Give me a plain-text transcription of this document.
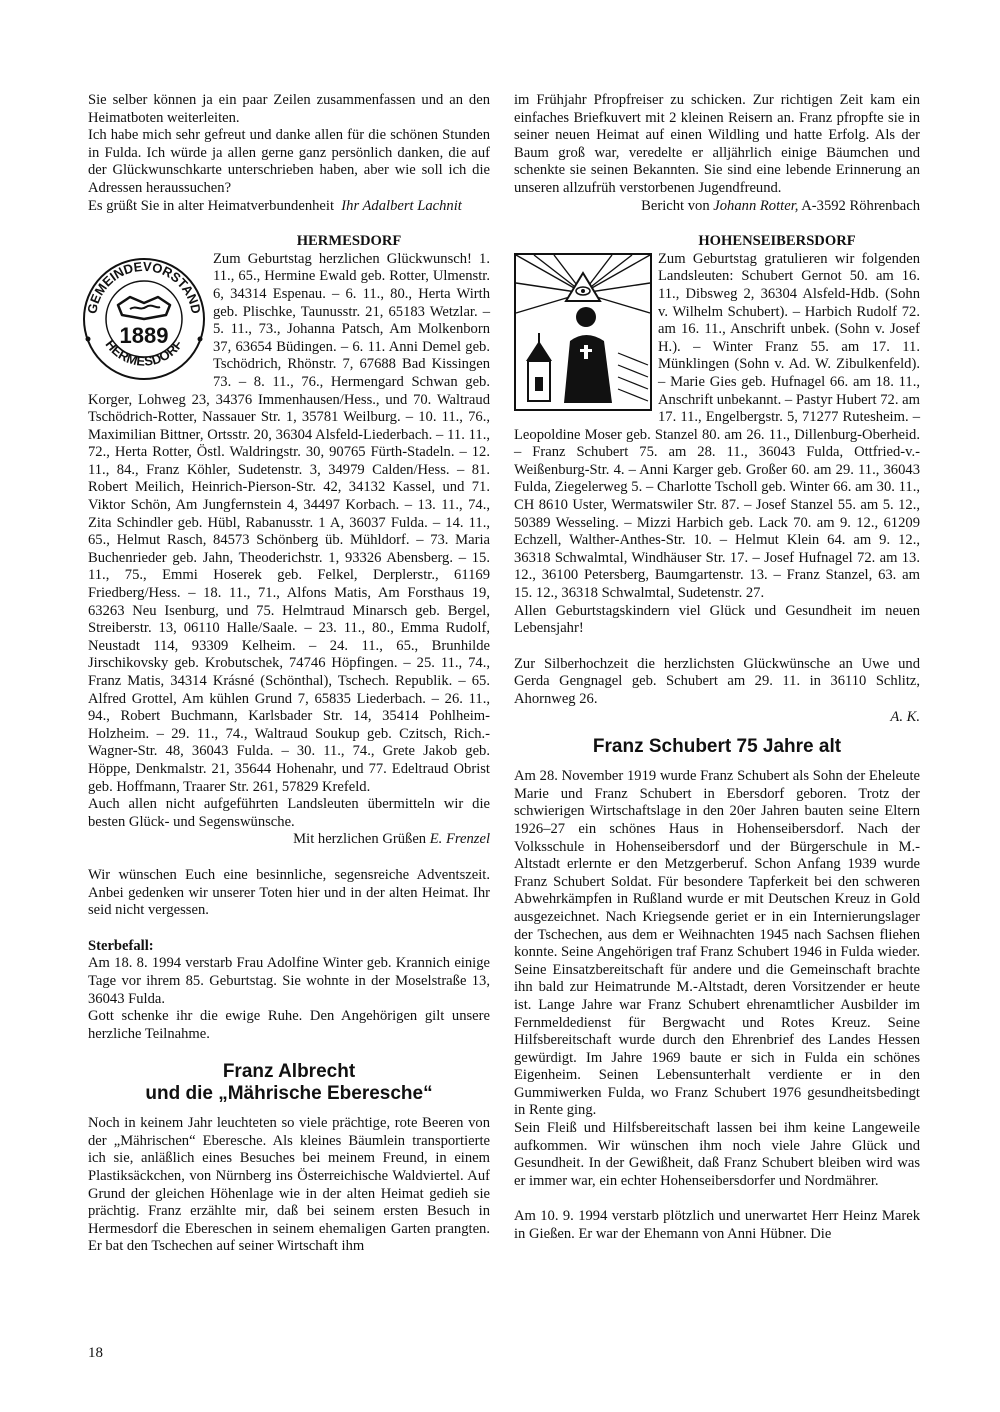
Sie selber können ja ein paar Zeilen zusammenfassen und an den Heimatboten weiterleiten.

Ich habe mich sehr gefreut und danke allen für die schönen Stunden in Fulda. Ich würde ja allen gerne ganz persönlich danken, die auf der Glückwunschkarte unterschrieben haben, aber wie soll ich die Adressen heraussuchen?

Es grüßt Sie in alter Heimatverbundenheit Ihr Adalbert Lachnit

HERMESDORF

GEMEINDEVORSTAND
HERMESDORF
1889

Zum Geburtstag herzlichen Glückwunsch! 1. 11., 65., Hermine Ewald geb. Rotter, Ulmenstr. 6, 34314 Espenau. – 6. 11., 80., Herta Wirth geb. Plischke, Taunusstr. 21, 65183 Wetzlar. – 5. 11., 73., Johanna Patsch, Am Molkenborn 37, 63654 Büdingen. – 6. 11. Anni Demel geb. Tschödrich, Rhönstr. 7, 67688 Bad Kissingen 73. – 8. 11., 76., Hermengard Schwan geb. Korger, Lohweg 23, 34376 Immenhausen/Hess., und 70. Waltraud Tschödrich-Rotter, Nassauer Str. 1, 35781 Weilburg. – 10. 11., 76., Maximilian Bittner, Ortsstr. 20, 36304 Alsfeld-Liederbach. – 11. 11., 72., Herta Rotter, Östl. Waldringstr. 30, 90765 Fürth-Stadeln. – 12. 11., 84., Franz Köhler, Sudetenstr. 3, 34979 Calden/Hess. – 81. Robert Meilich, Heinrich-Pierson-Str. 42, 34132 Kassel, und 71. Viktor Schön, Am Jungfernstein 4, 34497 Korbach. – 13. 11., 74., Zita Schindler geb. Hübl, Rabanusstr. 1 A, 36037 Fulda. – 14. 11., 65., Helmut Rasch, 84573 Schönberg üb. Mühldorf. – 73. Maria Buchenrieder geb. Jahn, Theoderichstr. 1, 93326 Abensberg. – 15. 11., 75., Emmi Hoserek geb. Felkel, Derplerstr., 61169 Friedberg/Hess. – 18. 11., 71., Alfons Matis, Am Forsthaus 19, 63263 Neu Isenburg, und 75. Helmtraud Minarsch geb. Bergel, Streiberstr. 13, 06110 Halle/Saale. – 23. 11., 80., Emma Rudolf, Neustadt 114, 93309 Kelheim. – 24. 11., 65., Brunhilde Jirschikovsky geb. Krobutschek, 74746 Höpfingen. – 25. 11., 74., Franz Matis, 34314 Krásné (Schönthal), Tschech. Republik. – 65. Alfred Grottel, Am kühlen Grund 7, 65835 Liederbach. – 26. 11., 94., Robert Buchmann, Karlsbader Str. 14, 35414 Pohlheim-Holzheim. – 29. 11., 74., Waltraud Soukup geb. Czitsch, Rich.-Wagner-Str. 48, 36043 Fulda. – 30. 11., 74., Grete Jakob geb. Höppe, Denkmalstr. 21, 35644 Hohenahr, und 77. Edeltraud Obrist geb. Hoffmann, Traarer Str. 261, 57829 Krefeld.

Auch allen nicht aufgeführten Landsleuten übermitteln wir die besten Glück- und Segenswünsche.

Mit herzlichen Grüßen E. Frenzel

Wir wünschen Euch eine besinnliche, segensreiche Adventszeit. Anbei gedenken wir unserer Toten hier und in der alten Heimat. Ihr seid nicht vergessen.

Sterbefall:

Am 18. 8. 1994 verstarb Frau Adolfine Winter geb. Krannich einige Tage vor ihrem 85. Geburtstag. Sie wohnte in der Moselstraße 13, 36043 Fulda.

Gott schenke ihr die ewige Ruhe. Den Angehörigen gilt unsere herzliche Teilnahme.

Franz Albrecht

und die „Mährische Eberesche“

Noch in keinem Jahr leuchteten so viele prächtige, rote Beeren von der „Mährischen“ Eberesche. Als kleines Bäumlein transportierte ich sie, anläßlich eines Besuches bei meinem Freund, in einem Plastiksäckchen, von Nürnberg ins Österreichische Waldviertel. Auf Grund der gleichen Höhenlage wie in der alten Heimat gedieh sie prächtig. Franz erzählte mir, daß bei seinem ersten Besuch in Hermesdorf die Ebereschen in seinem ehemaligen Garten prangten. Er bat den Tschechen auf seiner Wirtschaft ihm

im Frühjahr Pfropfreiser zu schicken. Zur richtigen Zeit kam ein einfaches Briefkuvert mit 2 kleinen Reisern an. Franz pfropfte sie in seiner neuen Heimat auf einen Wildling und hatte Erfolg. Als der Baum groß war, veredelte er alljährlich einige Bäumchen und schenkte sie seinen Bekannten. Sie sind eine lebende Erinnerung an unseren allzufrüh verstorbenen Jugendfreund.

Bericht von Johann Rotter, A-3592 Röhrenbach

HOHENSEIBERSDORF

Zum Geburtstag gratulieren wir folgenden Landsleuten: Schubert Gernot 50. am 16. 11., Dibsweg 2, 36304 Alsfeld-Hdb. (Sohn v. Wilhelm Schubert). – Harbich Rudolf 72. am 16. 11., Anschrift unbek. (Sohn v. Josef H.). – Winter Franz 55. am 17. 11. Münklingen (Sohn v. Ad. W. Zibulkenfeld). – Marie Gies geb. Hufnagel 66. am 18. 11., Anschrift unbekannt. – Pastyr Hubert 72. am 17. 11., Engelbergstr. 5, 71277 Rutesheim. – Leopoldine Moser geb. Stanzel 80. am 26. 11., Dillenburg-Oberheid. – Franz Schubert 75. am 28. 11., 36043 Fulda, Ottfried-v.-Weißenburg-Str. 4. – Anni Karger geb. Großer 60. am 29. 11., 36043 Fulda, Ziegelerweg 5. – Charlotte Tscholl geb. Winter 66. am 30. 11., CH 8610 Uster, Wermatswiler Str. 87. – Josef Stanzel 55. am 5. 12., 50389 Wesseling. – Mizzi Harbich geb. Lack 70. am 9. 12., 61209 Echzell, Walther-Anthes-Str. 10. – Helmut Klein 64. am 9. 12., 36318 Schwalmtal, Windhäuser Str. 17. – Josef Hufnagel 72. am 13. 12., 36100 Petersberg, Baumgartenstr. 13. – Franz Stanzel, 63. am 15. 12., 36318 Schwalmtal, Sudetenstr. 27.

Allen Geburtstagskindern viel Glück und Gesundheit im neuen Lebensjahr!

Zur Silberhochzeit die herzlichsten Glückwünsche an Uwe und Gerda Gengnagel geb. Schubert am 29. 11. in 36110 Schlitz, Ahornweg 26.

A. K.

Franz Schubert 75 Jahre alt

Am 28. November 1919 wurde Franz Schubert als Sohn der Eheleute Marie und Franz Schubert in Ebersdorf geboren. Trotz der schwierigen Wirtschaftslage in den 20er Jahren bauten seine Eltern 1926–27 ein schönes Haus in Hohenseibersdorf. Nach der Volksschule in Hohenseibersdorf und der Bürgerschule in M.-Altstadt erlernte er den Metzgerberuf. Schon Anfang 1939 wurde Franz Schubert Soldat. Für besondere Tapferkeit bei den schweren Abwehrkämpfen in Rußland wurde er mit Deutschen Kreuz in Gold ausgezeichnet. Nach Kriegsende geriet er in ein Internierungslager der Tschechen, aus dem er Weihnachten 1945 nach Sachsen fliehen konnte. Seine Angehörigen traf Franz Schubert 1946 in Fulda wieder. Seine Einsatzbereitschaft für andere und die Gemeinschaft brachte ihn bald zur Heimatrunde M.-Altstadt, deren Vorsitzender er heute ist. Lange Jahre war Franz Schubert ehrenamtlicher Ausbilder im Fernmeldedienst für Bergwacht und Rotes Kreuz. Seine Hilfsbereitschaft wurde durch den Ehrenbrief des Landes Hessen gewürdigt. Im Jahre 1969 baute er sich in Fulda ein schönes Eigenheim. Seinen Lebensunterhalt verdiente er in den Gummiwerken Fulda, wo Franz Schubert 1976 gesundheitsbedingt in Rente ging.

Sein Fleiß und Hilfsbereitschaft lassen bei ihm keine Langeweile aufkommen. Wir wünschen ihm noch viele Jahre Glück und Gesundheit. In der Gewißheit, daß Franz Schubert bleiben wird was er immer war, ein echter Hohenseibersdorfer und Nordmährer.

Am 10. 9. 1994 verstarb plötzlich und unerwartet Herr Heinz Marek in Gießen. Er war der Ehemann von Anni Hübner. Die

18
